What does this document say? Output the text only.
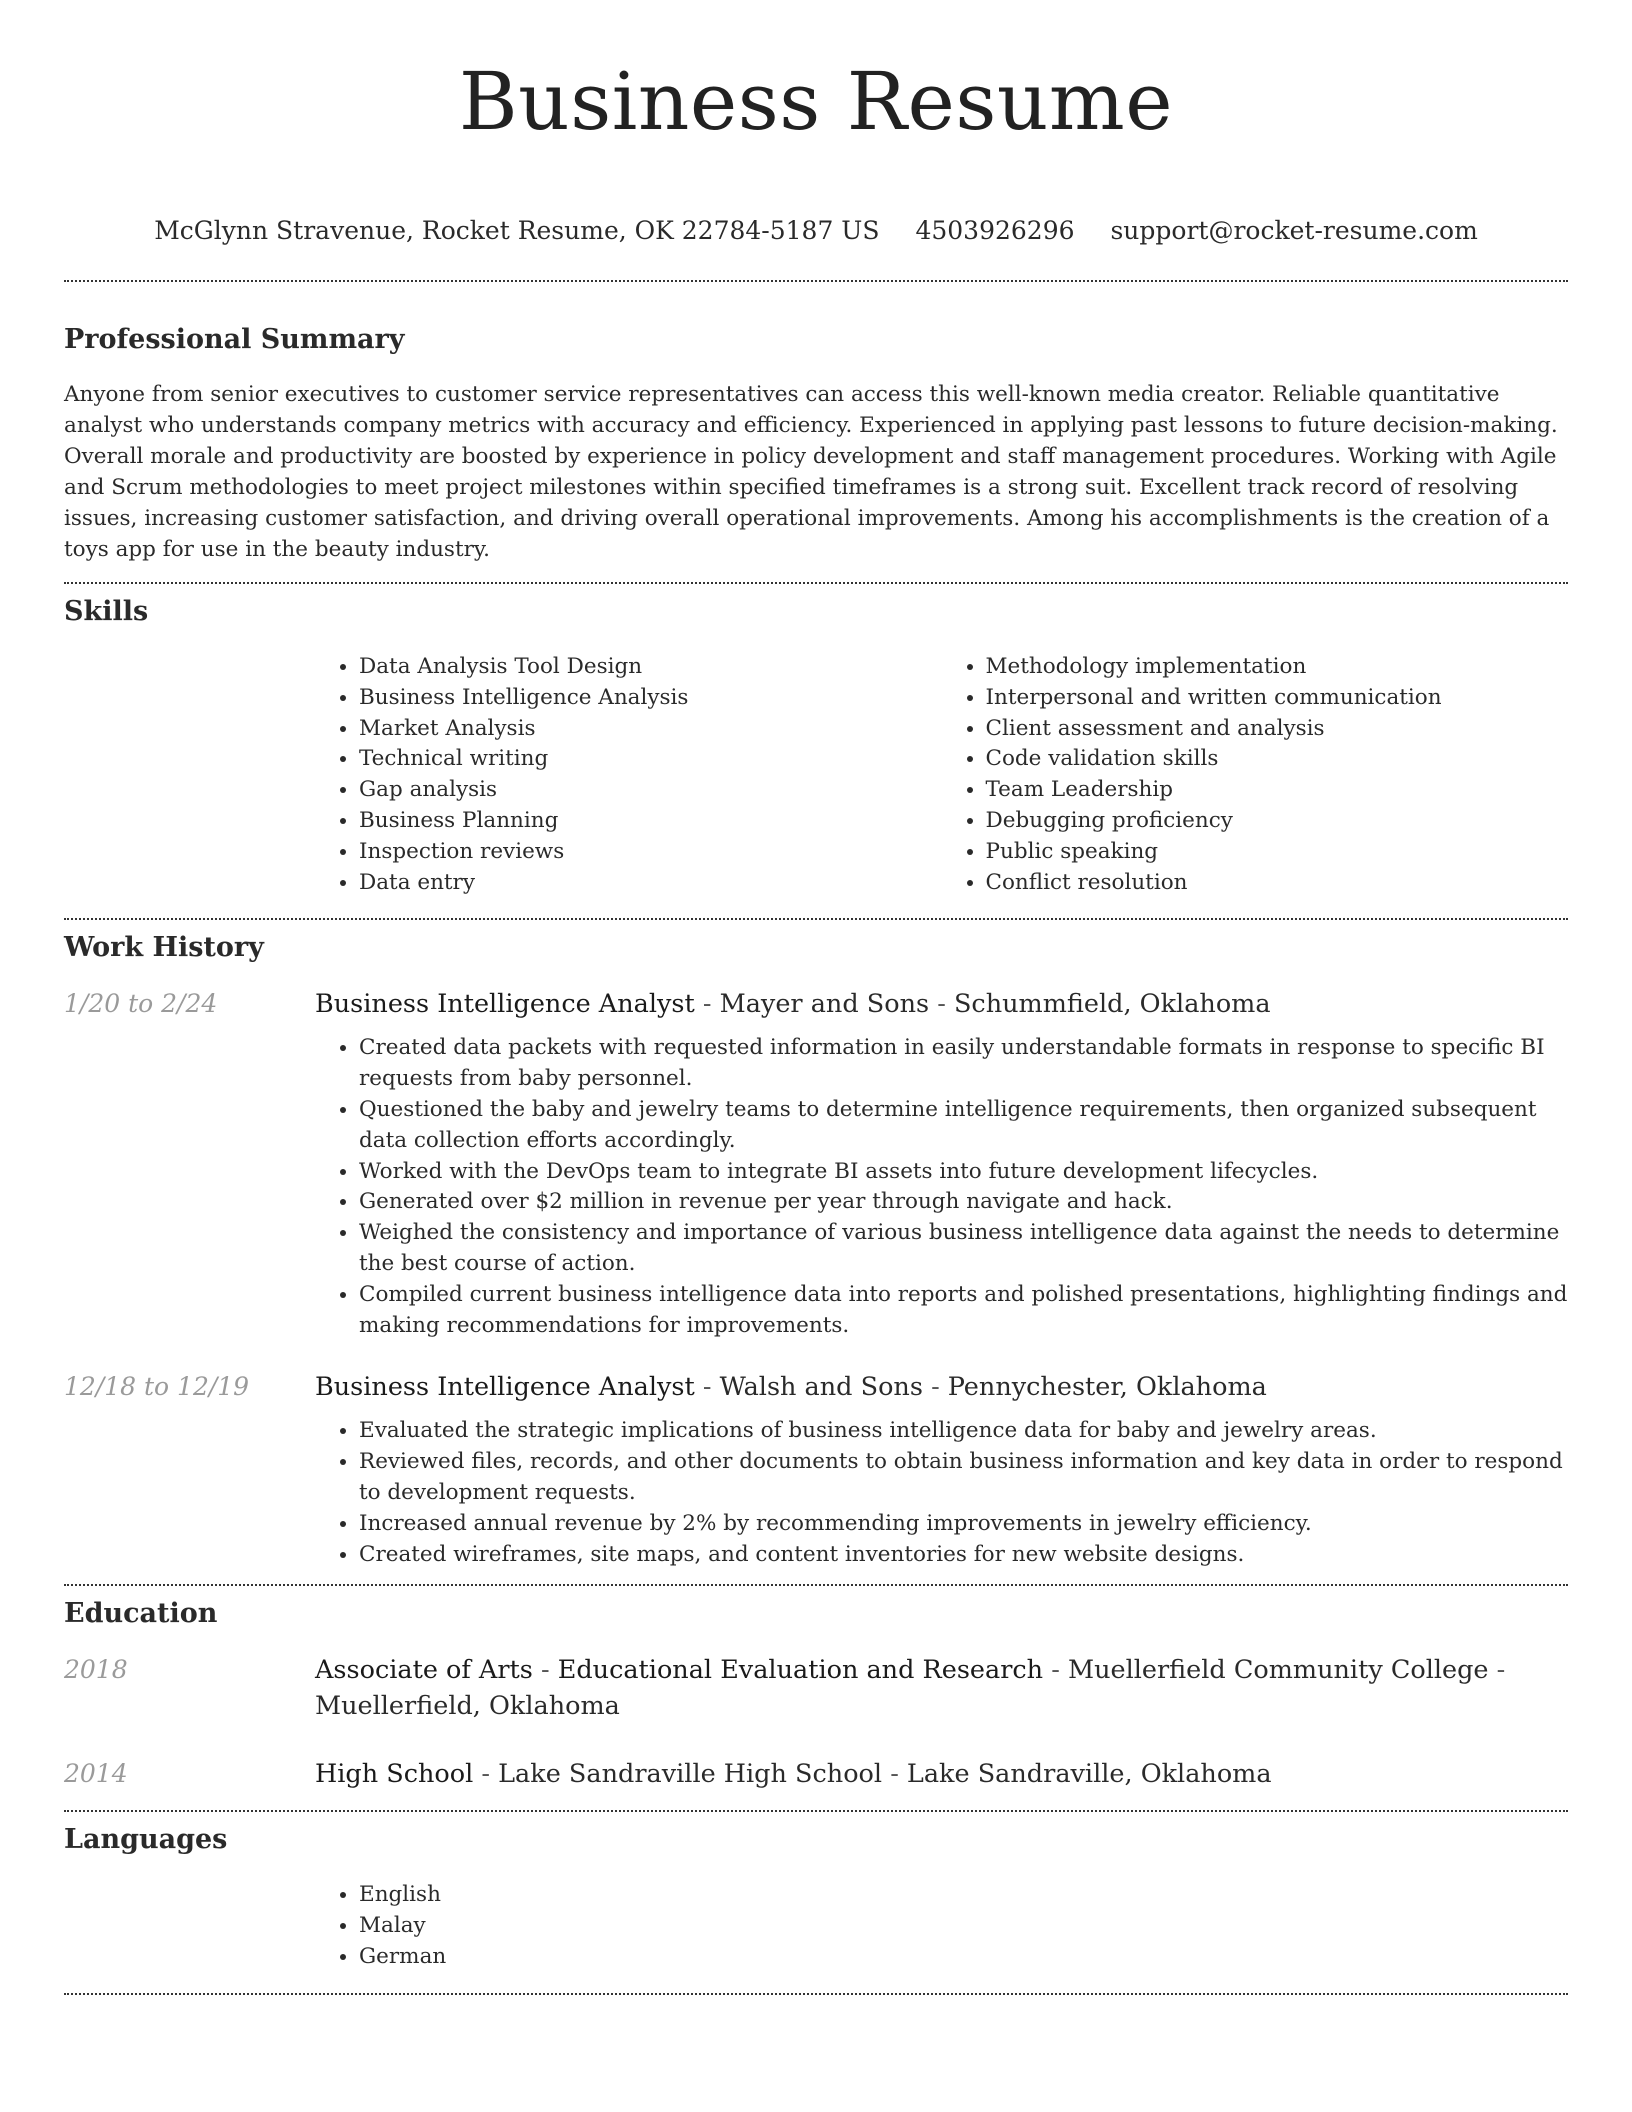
Business Resume
McGlynn Stravenue, Rocket Resume, OK 22784-5187 US 4503926296 support@rocket-resume.com
Professional Summary

Anyone from senior executives to customer service representatives can access this well-known media creator. Reliable quantitative analyst who understands company metrics with accuracy and efficiency. Experienced in applying past lessons to future decision-making. Overall morale and productivity are boosted by experience in policy development and staff management procedures. Working with Agile and Scrum methodologies to meet project milestones within specified timeframes is a strong suit. Excellent track record of resolving issues, increasing customer satisfaction, and driving overall operational improvements. Among his accomplishments is the creation of a toys app for use in the beauty industry.

Skills
• Data Analysis Tool Design
• Business Intelligence Analysis
• Market Analysis
• Technical writing
• Gap analysis
• Business Planning
• Inspection reviews
• Data entry
• Methodology implementation
• Interpersonal and written communication
• Client assessment and analysis
• Code validation skills
• Team Leadership
• Debugging proficiency
• Public speaking
• Conflict resolution
Work History
1/20 to 2/24	Business Intelligence Analyst - Mayer and Sons - Schummfield, Oklahoma
• Created data packets with requested information in easily understandable formats in response to specific BI requests from baby personnel.
• Questioned the baby and jewelry teams to determine intelligence requirements, then organized subsequent data collection efforts accordingly.
• Worked with the DevOps team to integrate BI assets into future development lifecycles.
• Generated over $2 million in revenue per year through navigate and hack.
• Weighed the consistency and importance of various business intelligence data against the needs to determine the best course of action.
• Compiled current business intelligence data into reports and polished presentations, highlighting findings and making recommendations for improvements.
12/18 to 12/19	Business Intelligence Analyst - Walsh and Sons - Pennychester, Oklahoma
• Evaluated the strategic implications of business intelligence data for baby and jewelry areas.
• Reviewed files, records, and other documents to obtain business information and key data in order to respond to development requests.
• Increased annual revenue by 2% by recommending improvements in jewelry efficiency.
• Created wireframes, site maps, and content inventories for new website designs.
Education
2018	Associate of Arts - Educational Evaluation and Research - Muellerfield Community College - Muellerfield, Oklahoma
2014	High School - Lake Sandraville High School - Lake Sandraville, Oklahoma
Languages
• English
• Malay
• German
